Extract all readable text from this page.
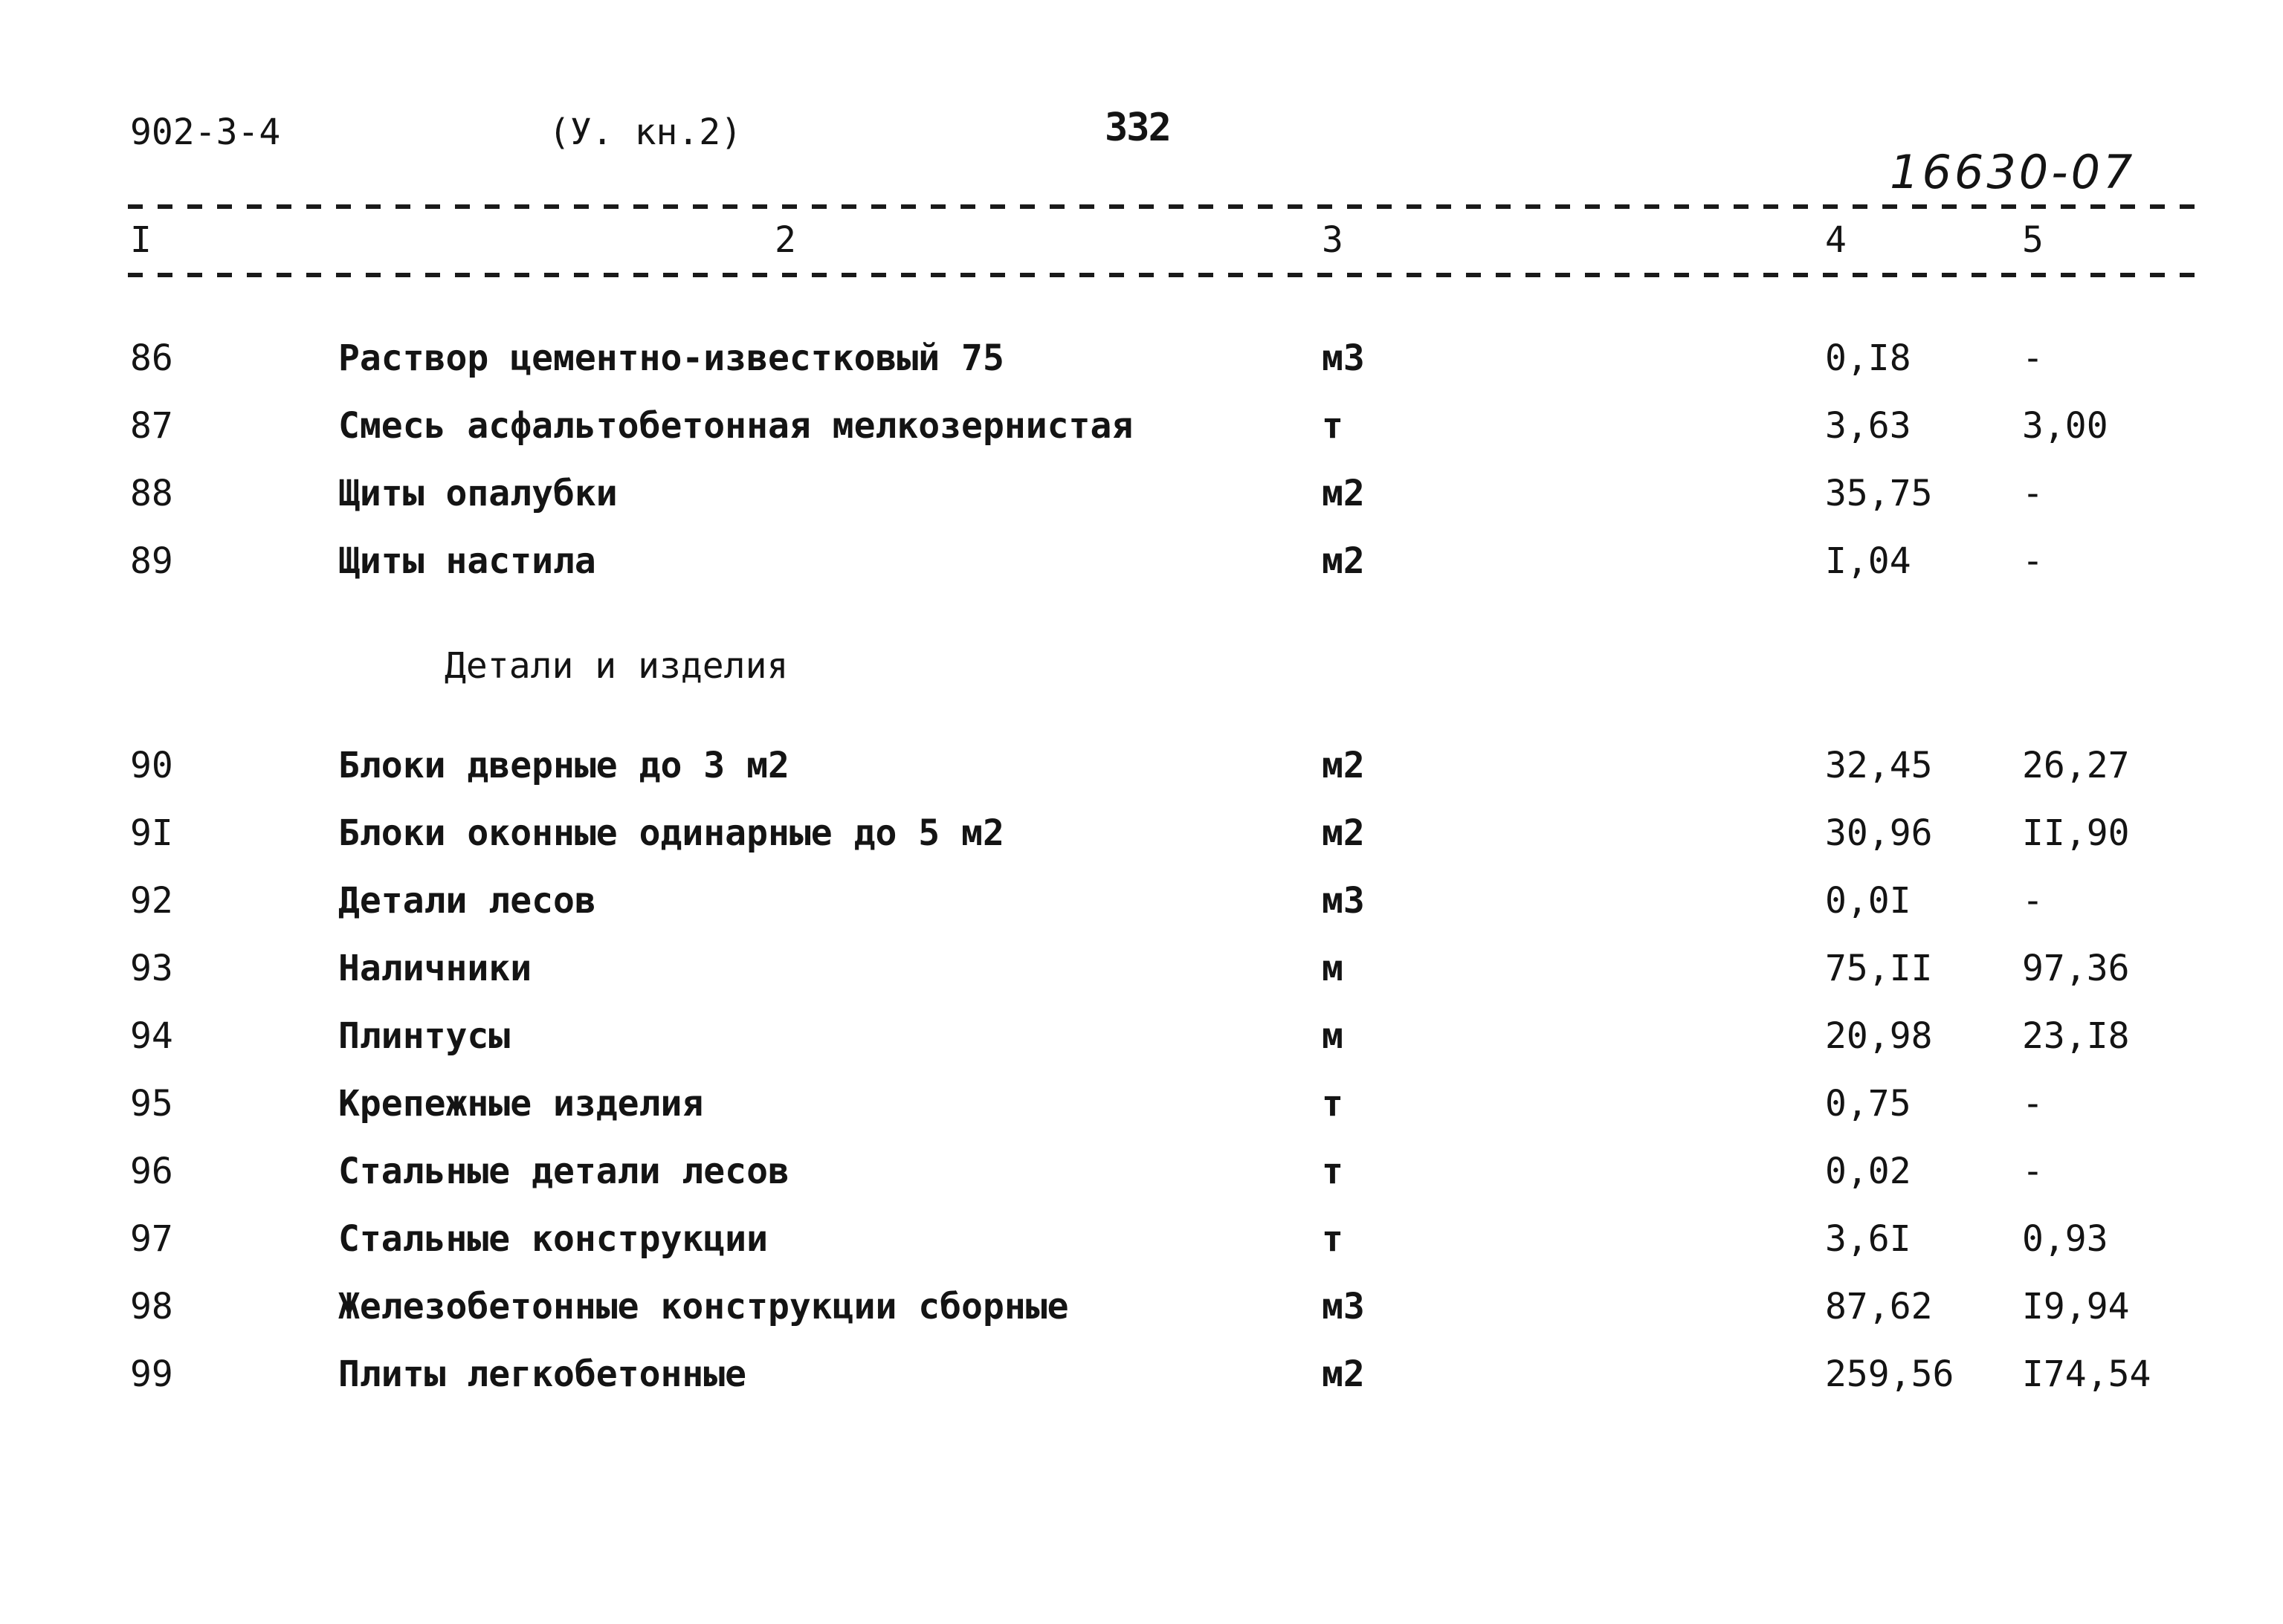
902-3-4	(У. кн.2)	332
16630-07
I	2	3	4	5
86	Раствор цементно-известковый 75	м3	0,I8	-
87	Смесь асфальтобетонная мелкозернистая	т	3,63	3,00
88	Щиты опалубки	м2	35,75	-
89	Щиты настила	м2	I,04	-
Детали и изделия
90	Блоки дверные до 3 м2	м2	32,45	26,27
9I	Блоки оконные одинарные до 5 м2	м2	30,96	II,90
92	Детали лесов	м3	0,0I	-
93	Наличники	м	75,II	97,36
94	Плинтусы	м	20,98	23,I8
95	Крепежные изделия	т	0,75	-
96	Стальные детали лесов	т	0,02	-
97	Стальные конструкции	т	3,6I	0,93
98	Железобетонные конструкции сборные	м3	87,62	I9,94
99	Плиты легкобетонные	м2	259,56 I74,54
